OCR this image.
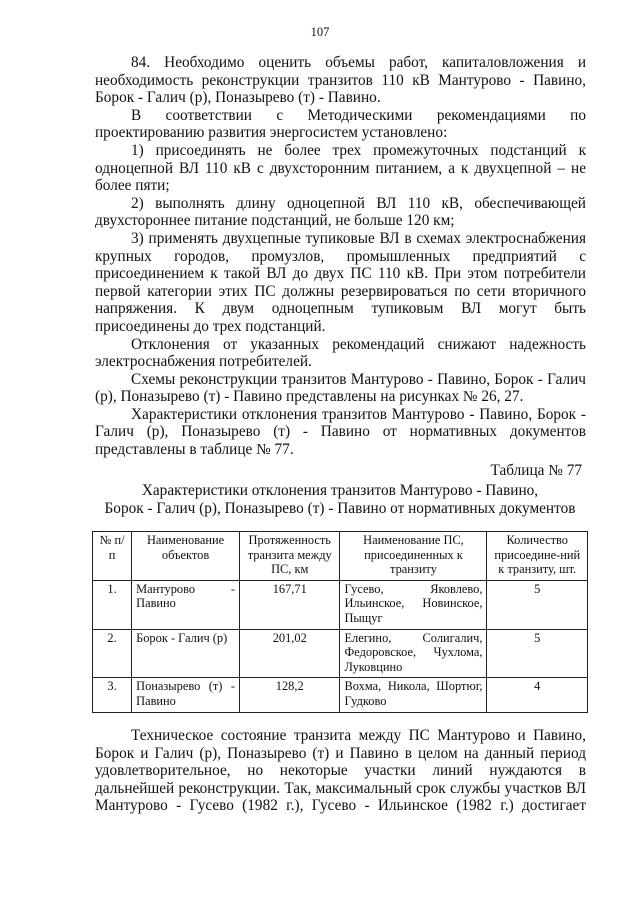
107

84. Необходимо оценить объемы работ, капиталовложения и необходимость реконструкции транзитов 110 кВ Мантурово - Павино, Борок - Галич (р), Поназырево (т) - Павино.

В соответствии с Методическими рекомендациями по проектированию развития энергосистем установлено:

1) присоединять не более трех промежуточных подстанций к одноцепной ВЛ 110 кВ с двухсторонним питанием, а к двухцепной – не более пяти;

2) выполнять длину одноцепной ВЛ 110 кВ, обеспечивающей двухстороннее питание подстанций, не больше 120 км;

3) применять двухцепные тупиковые ВЛ в схемах электроснабжения крупных городов, промузлов, промышленных предприятий с присоединением к такой ВЛ до двух ПС 110 кВ. При этом потребители первой категории этих ПС должны резервироваться по сети вторичного напряжения. К двум одноцепным тупиковым ВЛ могут быть присоединены до трех подстанций.

Отклонения от указанных рекомендаций снижают надежность электроснабжения потребителей.

Схемы реконструкции транзитов Мантурово - Павино, Борок - Галич (р), Поназырево (т) - Павино представлены на рисунках № 26, 27.

Характеристики отклонения транзитов Мантурово - Павино, Борок - Галич (р), Поназырево (т) - Павино от нормативных документов представлены в таблице № 77.

Таблица № 77
Характеристики отклонения транзитов Мантурово - Павино,
Борок - Галич (р), Поназырево (т) - Павино от нормативных документов
№ п/п	Наименование объектов	Протяженность транзита между ПС, км	Наименование ПС, присоединенных к транзиту	Количество присоедине-ний к транзиту, шт.
1.	Мантурово - Павино	167,71	Гусево, Яковлево, Ильинское, Новинское, Пыщуг	5
2.	Борок - Галич (р)	201,02	Елегино, Солигалич, Федоровское, Чухлома, Луковцино	5
3.	Поназырево (т) - Павино	128,2	Вохма, Никола, Шортюг, Гудково	4

Техническое состояние транзита между ПС Мантурово и Павино, Борок и Галич (р), Поназырево (т) и Павино в целом на данный период удовлетворительное, но некоторые участки линий нуждаются в дальнейшей реконструкции. Так, максимальный срок службы участков ВЛ Мантурово - Гусево (1982 г.), Гусево - Ильинское (1982 г.) достигает
